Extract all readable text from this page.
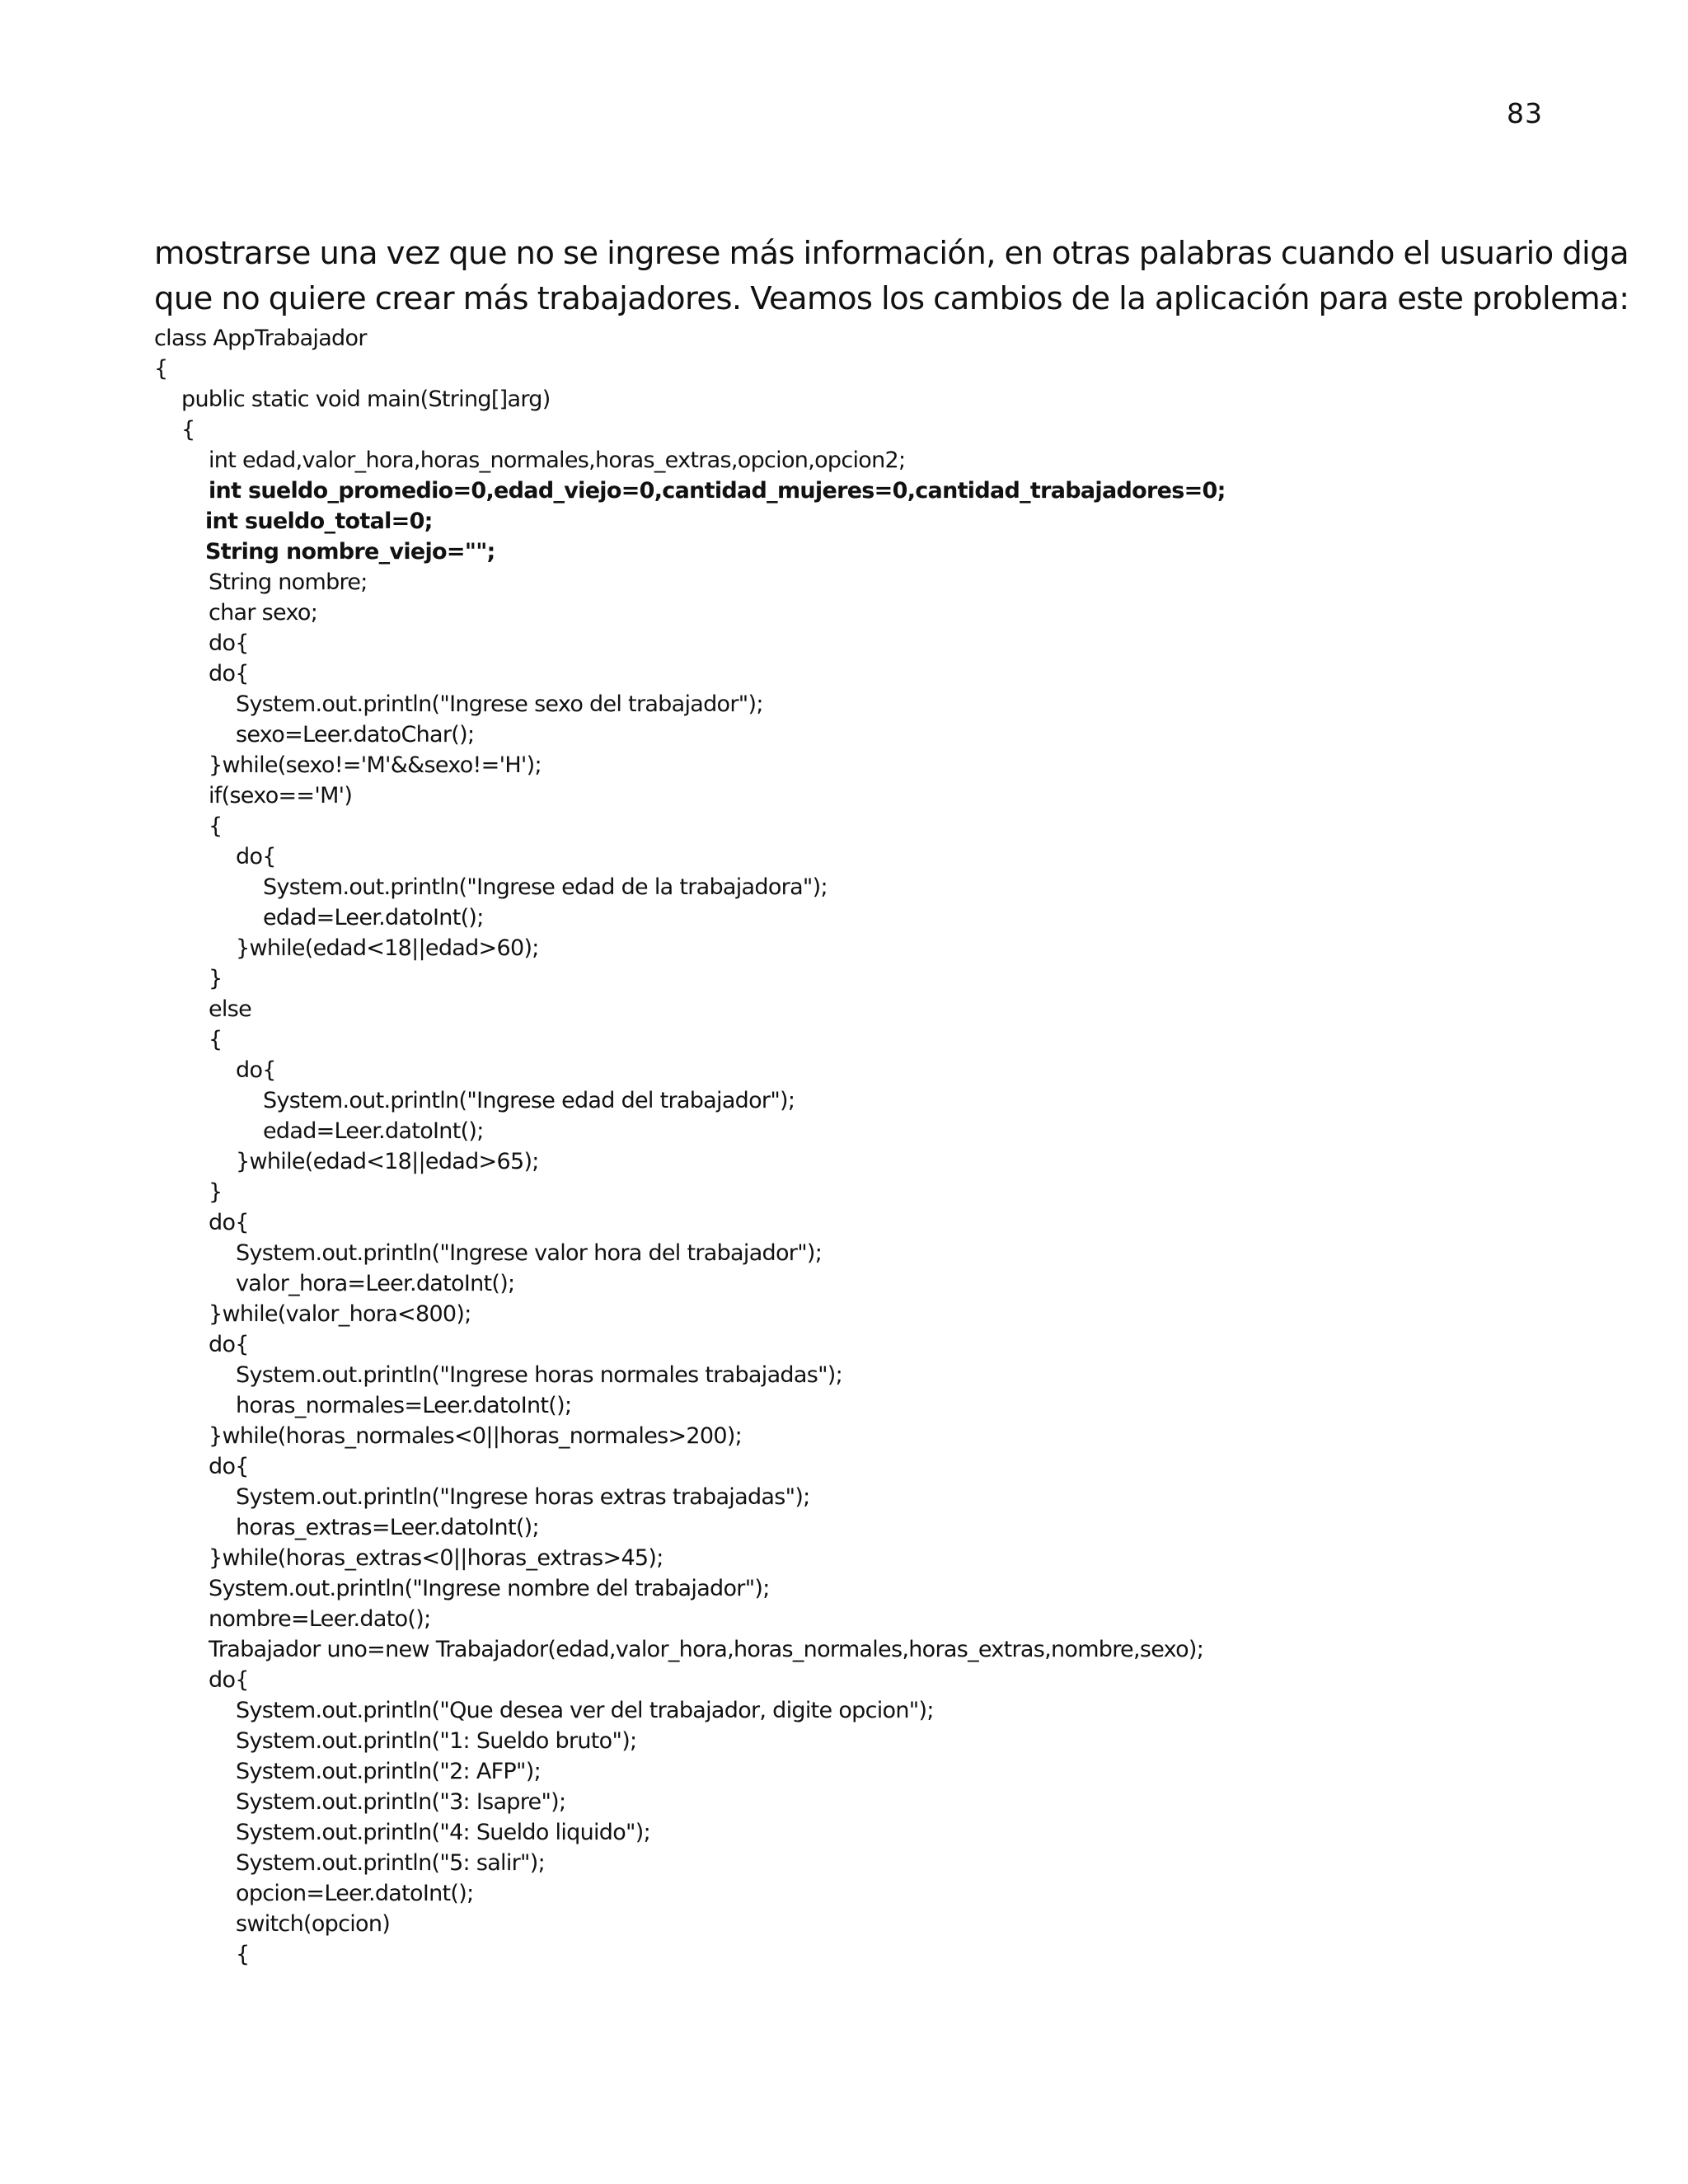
83
mostrarse una vez que no se ingrese más información, en otras palabras cuando el usuario diga
que no quiere crear más trabajadores. Veamos los cambios de la aplicación para este problema:
class AppTrabajador
{
public static void main(String[]arg)
{
int edad,valor_hora,horas_normales,horas_extras,opcion,opcion2;
int sueldo_promedio=0,edad_viejo=0,cantidad_mujeres=0,cantidad_trabajadores=0;
int sueldo_total=0;
String nombre_viejo="";
String nombre;
char sexo;
do{
do{
System.out.println("Ingrese sexo del trabajador");
sexo=Leer.datoChar();
}while(sexo!='M'&&sexo!='H');
if(sexo=='M')
{
do{
System.out.println("Ingrese edad de la trabajadora");
edad=Leer.datoInt();
}while(edad<18||edad>60);
}
else
{
do{
System.out.println("Ingrese edad del trabajador");
edad=Leer.datoInt();
}while(edad<18||edad>65);
}
do{
System.out.println("Ingrese valor hora del trabajador");
valor_hora=Leer.datoInt();
}while(valor_hora<800);
do{
System.out.println("Ingrese horas normales trabajadas");
horas_normales=Leer.datoInt();
}while(horas_normales<0||horas_normales>200);
do{
System.out.println("Ingrese horas extras trabajadas");
horas_extras=Leer.datoInt();
}while(horas_extras<0||horas_extras>45);
System.out.println("Ingrese nombre del trabajador");
nombre=Leer.dato();
Trabajador uno=new Trabajador(edad,valor_hora,horas_normales,horas_extras,nombre,sexo);
do{
System.out.println("Que desea ver del trabajador, digite opcion");
System.out.println("1: Sueldo bruto");
System.out.println("2: AFP");
System.out.println("3: Isapre");
System.out.println("4: Sueldo liquido");
System.out.println("5: salir");
opcion=Leer.datoInt();
switch(opcion)
{
